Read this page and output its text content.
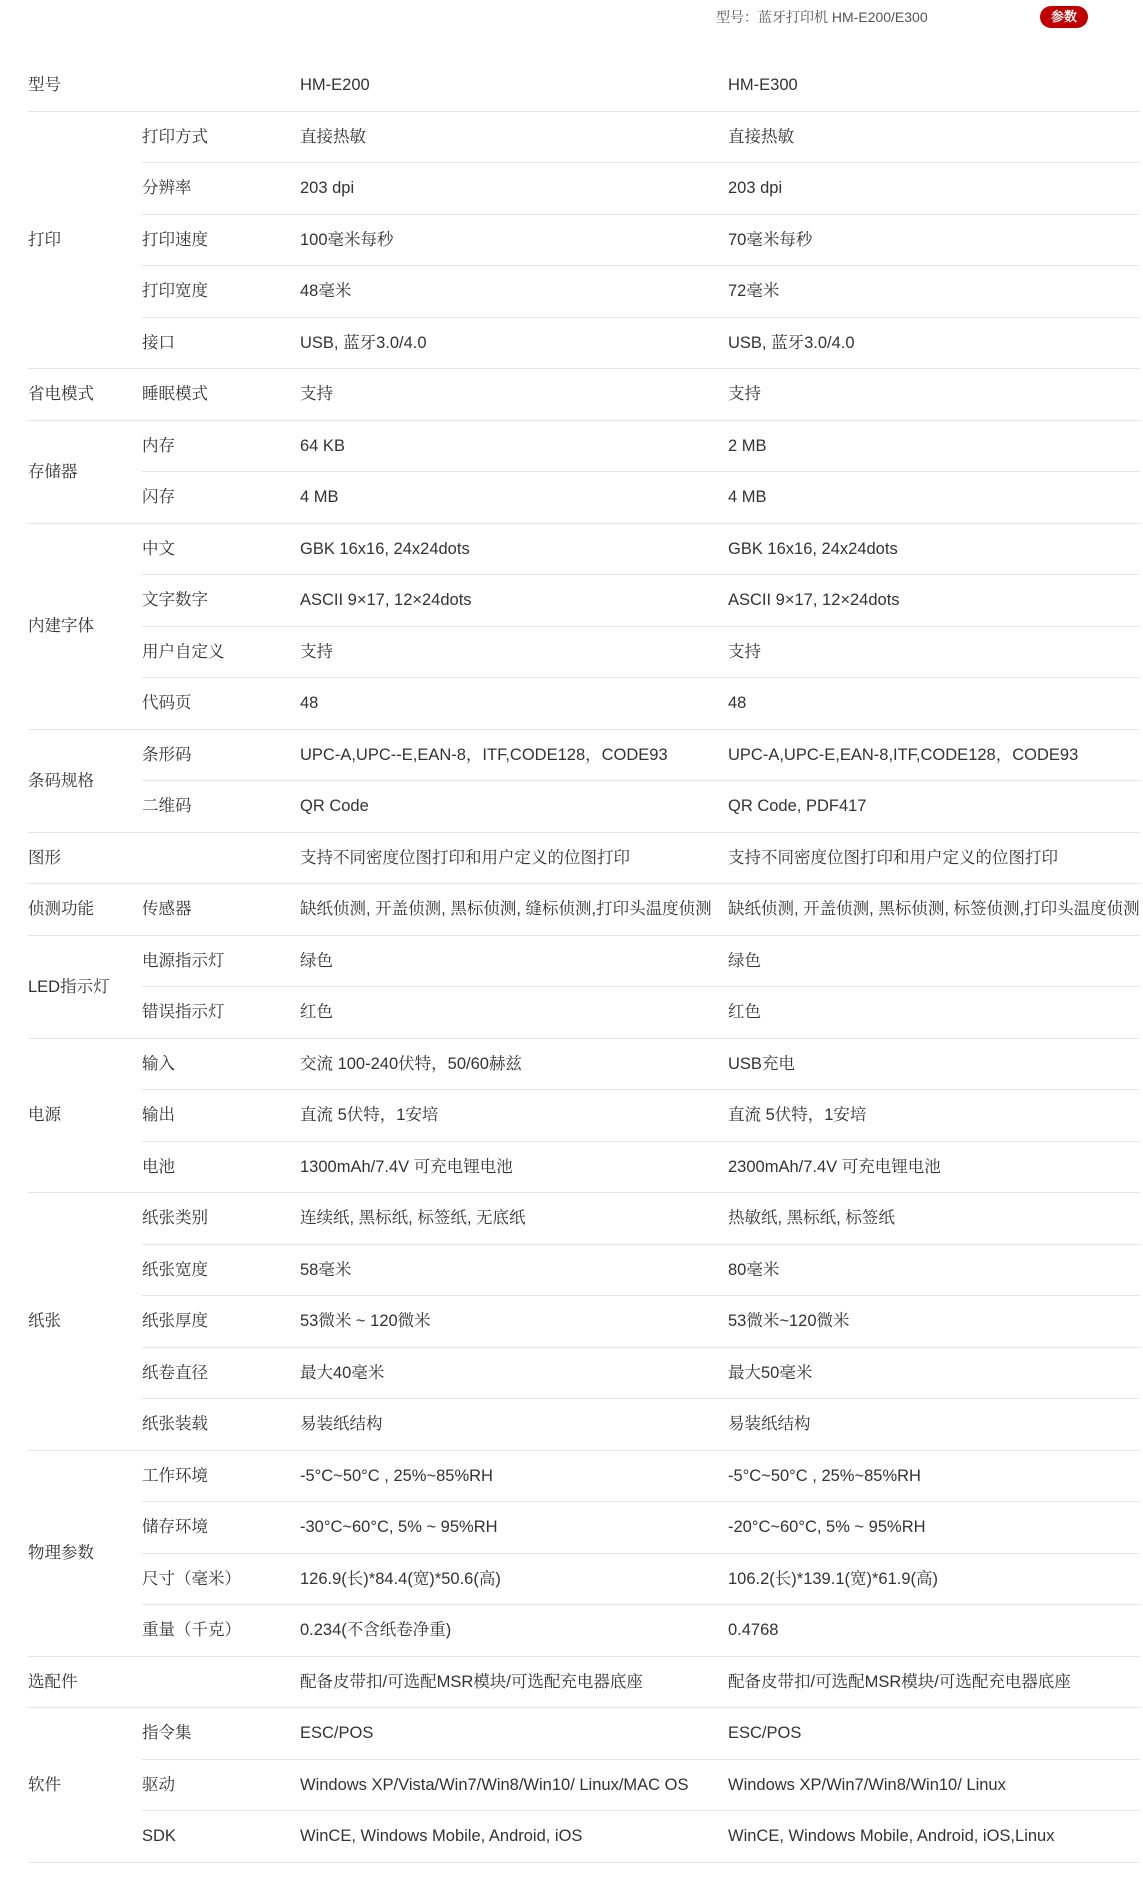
型号：蓝牙打印机 HM-E200/E300	参数
型号		HM-E200	HM-E300
打印	打印方式	直接热敏	直接热敏
	分辨率	203 dpi	203 dpi
	打印速度	100毫米每秒	70毫米每秒
	打印宽度	48毫米	72毫米
	接口	USB, 蓝牙3.0/4.0	USB, 蓝牙3.0/4.0
省电模式	睡眠模式	支持	支持
存储器	内存	64 KB	2 MB
	闪存	4 MB	4 MB
内建字体	中文	GBK 16x16, 24x24dots	GBK 16x16, 24x24dots
	文字数字	ASCII 9×17, 12×24dots	ASCII 9×17, 12×24dots
	用户自定义	支持	支持
	代码页	48	48
条码规格	条形码	UPC-A,UPC--E,EAN-8，ITF,CODE128，CODE93	UPC-A,UPC-E,EAN-8,ITF,CODE128，CODE93
	二维码	QR Code	QR Code, PDF417
图形		支持不同密度位图打印和用户定义的位图打印	支持不同密度位图打印和用户定义的位图打印
侦测功能	传感器	缺纸侦测, 开盖侦测, 黑标侦测, 缝标侦测,打印头温度侦测	缺纸侦测, 开盖侦测, 黑标侦测, 标签侦测,打印头温度侦测
LED指示灯	电源指示灯	绿色	绿色
	错误指示灯	红色	红色
电源	输入	交流 100-240伏特，50/60赫兹	USB充电
	输出	直流 5伏特，1安培	直流 5伏特，1安培
	电池	1300mAh/7.4V 可充电锂电池	2300mAh/7.4V 可充电锂电池
纸张	纸张类别	连续纸, 黑标纸, 标签纸, 无底纸	热敏纸, 黑标纸, 标签纸
	纸张宽度	58毫米	80毫米
	纸张厚度	53微米 ~ 120微米	53微米~120微米
	纸卷直径	最大40毫米	最大50毫米
	纸张装载	易装纸结构	易装纸结构
物理参数	工作环境	-5°C~50°C , 25%~85%RH	-5°C~50°C , 25%~85%RH
	储存环境	-30°C~60°C, 5% ~ 95%RH	-20°C~60°C, 5% ~ 95%RH
	尺寸（毫米）	126.9(长)*84.4(宽)*50.6(高)	106.2(长)*139.1(宽)*61.9(高)
	重量（千克）	0.234(不含纸卷净重)	0.4768
选配件		配备皮带扣/可选配MSR模块/可选配充电器底座	配备皮带扣/可选配MSR模块/可选配充电器底座
软件	指令集	ESC/POS	ESC/POS
	驱动	Windows XP/Vista/Win7/Win8/Win10/ Linux/MAC OS	Windows XP/Win7/Win8/Win10/ Linux
	SDK	WinCE, Windows Mobile, Android, iOS	WinCE, Windows Mobile, Android, iOS,Linux
